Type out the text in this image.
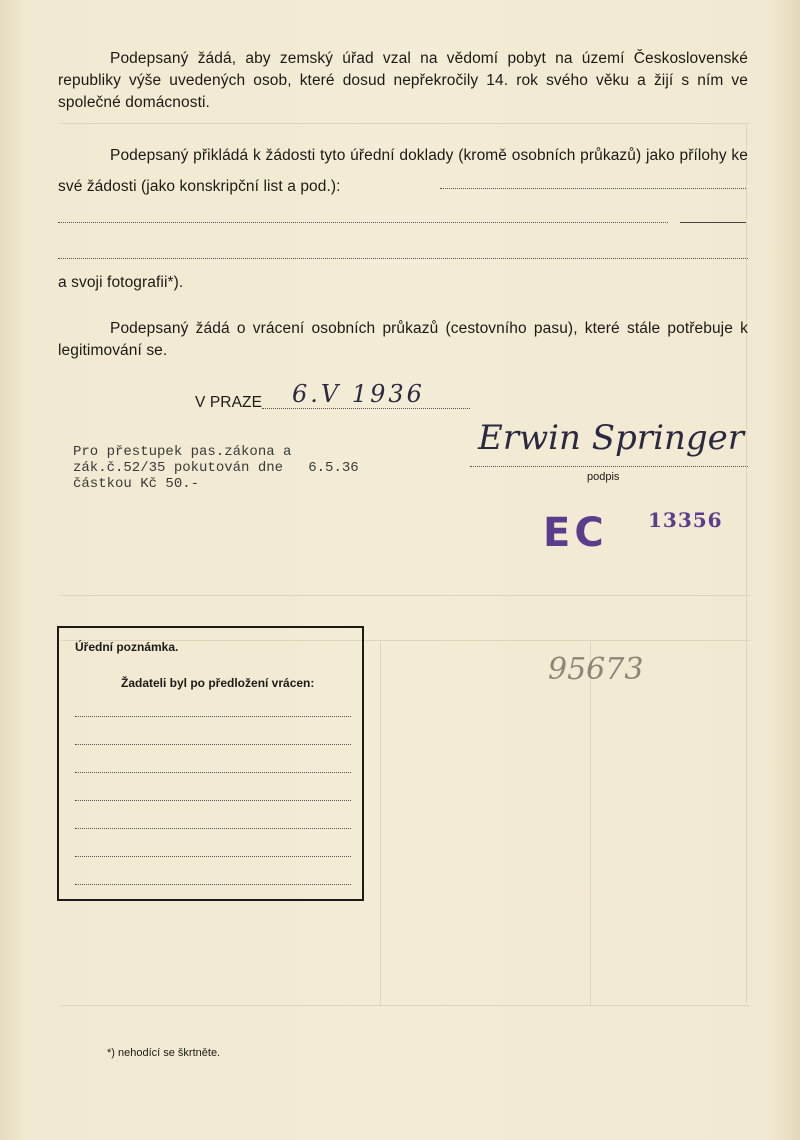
Podepsaný žádá, aby zemský úřad vzal na vědomí pobyt na území Československé republiky výše uvedených osob, které dosud nepřekročily 14. rok svého věku a žijí s ním ve společné domácnosti.
Podepsaný přikládá k žádosti tyto úřední doklady (kromě osobních průkazů) jako přílohy ke své žádosti (jako konskripční list a pod.):
a svoji fotografii*).
Podepsaný žádá o vrácení osobních průkazů (cestovního pasu), které stále potřebuje k legitimování se.
V PRAZE	6.V 1936
Pro přestupek pas.zákona a
zák.č.52/35 pokutován dne   6.5.36
částkou Kč 50.-
Erwin Springer
podpis
EC 13356
95673
Úřední poznámka.
Žadateli byl po předložení vrácen:
*) nehodící se škrtněte.
